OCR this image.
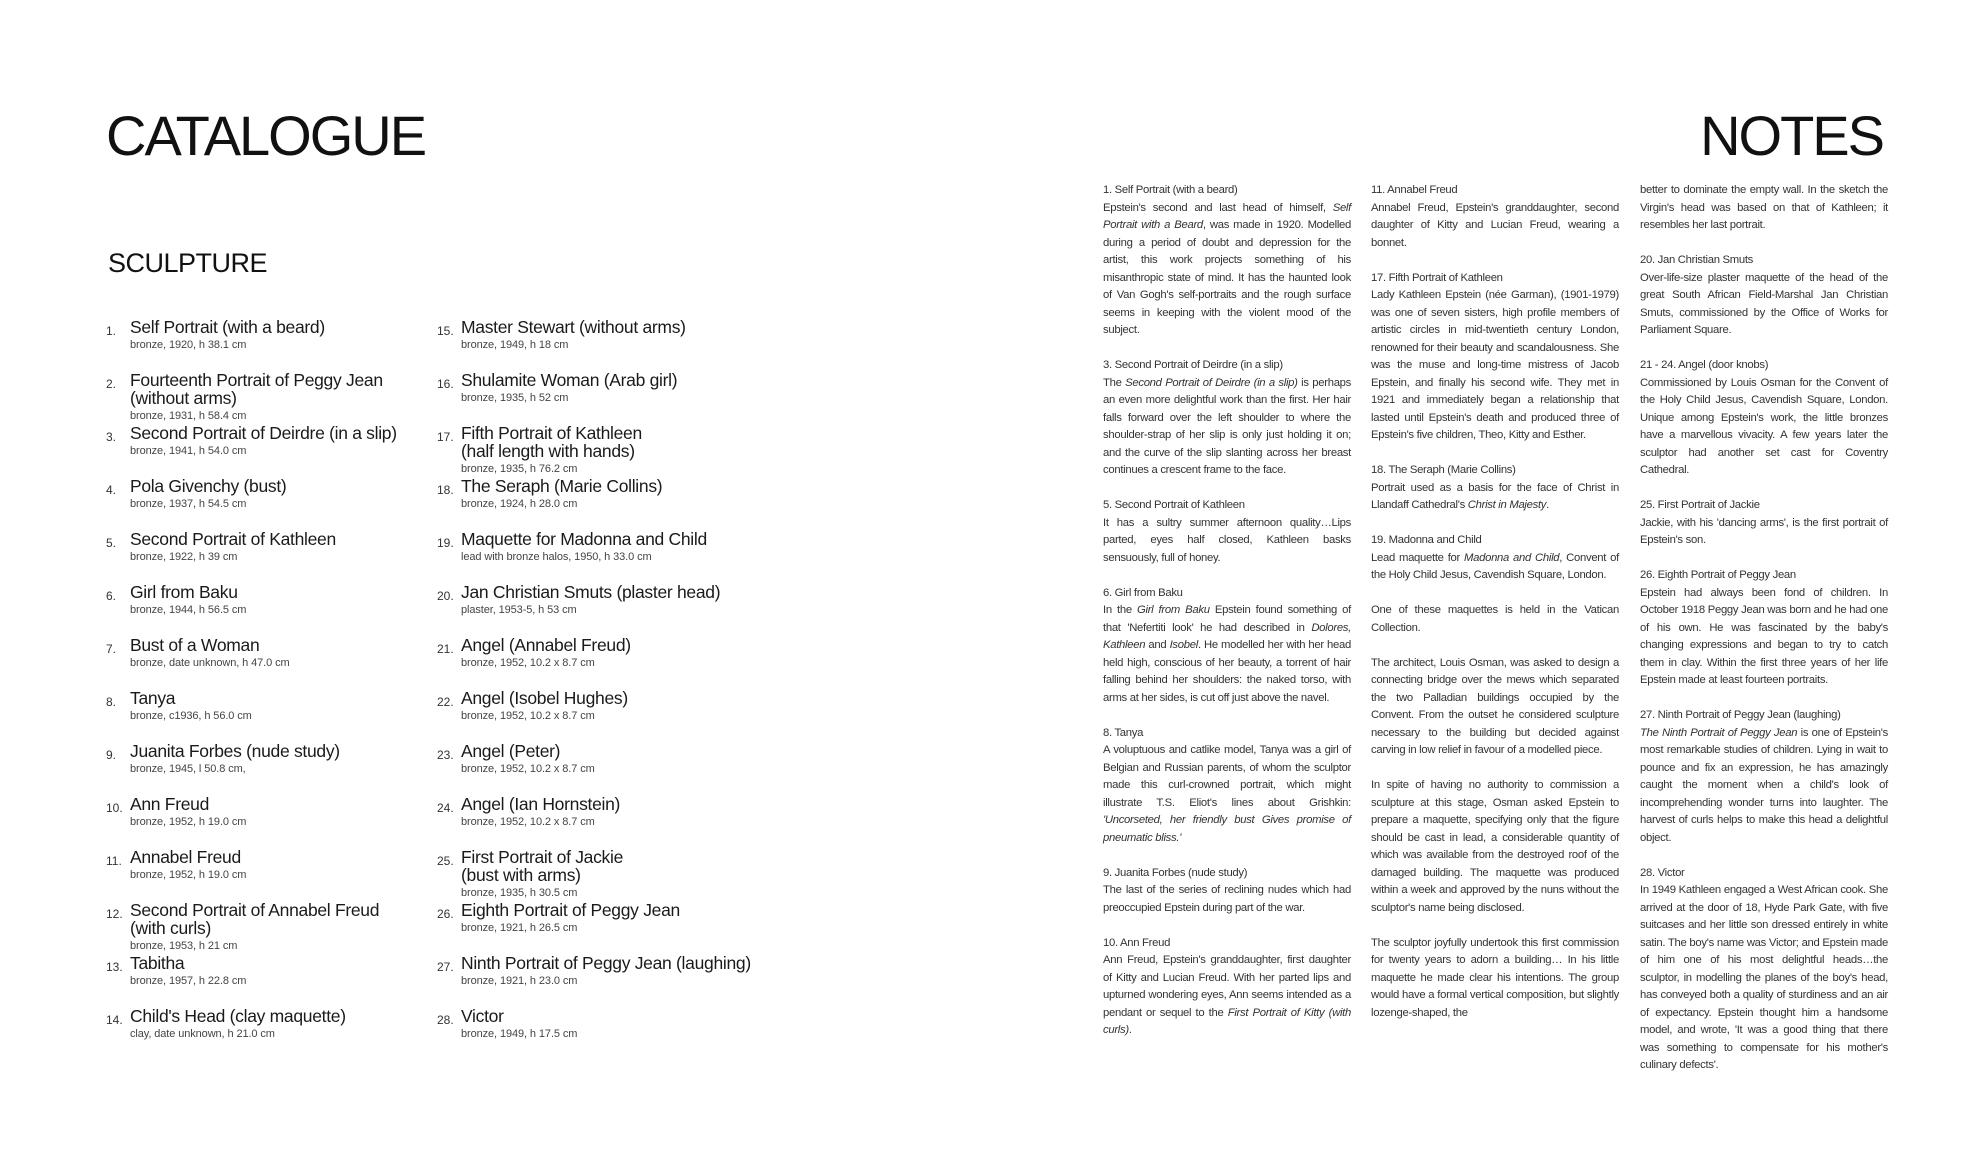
CATALOGUE	NOTES
SCULPTURE
1. Self Portrait (with a beard)
bronze, 1920, h 38.1 cm
2. Fourteenth Portrait of Peggy Jean
(without arms)
bronze, 1931, h 58.4 cm
3. Second Portrait of Deirdre (in a slip)
bronze, 1941, h 54.0 cm
4. Pola Givenchy (bust)
bronze, 1937, h 54.5 cm
5. Second Portrait of Kathleen
bronze, 1922, h 39 cm
6. Girl from Baku
bronze, 1944, h 56.5 cm
7. Bust of a Woman
bronze, date unknown, h 47.0 cm
8. Tanya
bronze, c1936, h 56.0 cm
9. Juanita Forbes (nude study)
bronze, 1945, l 50.8 cm,
10. Ann Freud
bronze, 1952, h 19.0 cm
11. Annabel Freud
bronze, 1952, h 19.0 cm
12. Second Portrait of Annabel Freud
(with curls)
bronze, 1953, h 21 cm
13. Tabitha
bronze, 1957, h 22.8 cm
14. Child's Head (clay maquette)
clay, date unknown, h 21.0 cm
15. Master Stewart (without arms)
bronze, 1949, h 18 cm
16. Shulamite Woman (Arab girl)
bronze, 1935, h 52 cm
17. Fifth Portrait of Kathleen
(half length with hands)
bronze, 1935, h 76.2 cm
18. The Seraph (Marie Collins)
bronze, 1924, h 28.0 cm
19. Maquette for Madonna and Child
lead with bronze halos, 1950, h 33.0 cm
20. Jan Christian Smuts (plaster head)
plaster, 1953-5, h 53 cm
21. Angel (Annabel Freud)
bronze, 1952, 10.2 x 8.7 cm
22. Angel (Isobel Hughes)
bronze, 1952, 10.2 x 8.7 cm
23. Angel (Peter)
bronze, 1952, 10.2 x 8.7 cm
24. Angel (Ian Hornstein)
bronze, 1952, 10.2 x 8.7 cm
25. First Portrait of Jackie
(bust with arms)
bronze, 1935, h 30.5 cm
26. Eighth Portrait of Peggy Jean
bronze, 1921, h 26.5 cm
27. Ninth Portrait of Peggy Jean (laughing)
bronze, 1921, h 23.0 cm
28. Victor
bronze, 1949, h 17.5 cm
1. Self Portrait (with a beard)
Epstein's second and last head of himself, Self Portrait with a Beard, was made in 1920. Modelled during a period of doubt and depression for the artist, this work projects something of his misanthropic state of mind. It has the haunted look of Van Gogh's self-portraits and the rough surface seems in keeping with the violent mood of the subject.
3. Second Portrait of Deirdre (in a slip)
The Second Portrait of Deirdre (in a slip) is perhaps an even more delightful work than the first. Her hair falls forward over the left shoulder to where the shoulder-strap of her slip is only just holding it on; and the curve of the slip slanting across her breast continues a crescent frame to the face.
5. Second Portrait of Kathleen
It has a sultry summer afternoon quality…Lips parted, eyes half closed, Kathleen basks sensuously, full of honey.
6. Girl from Baku
In the Girl from Baku Epstein found something of that 'Nefertiti look' he had described in Dolores, Kathleen and Isobel. He modelled her with her head held high, conscious of her beauty, a torrent of hair falling behind her shoulders: the naked torso, with arms at her sides, is cut off just above the navel.
8. Tanya
A voluptuous and catlike model, Tanya was a girl of Belgian and Russian parents, of whom the sculptor made this curl-crowned portrait, which might illustrate T.S. Eliot's lines about Grishkin: 'Uncorseted, her friendly bust Gives promise of pneumatic bliss.'
9. Juanita Forbes (nude study)
The last of the series of reclining nudes which had preoccupied Epstein during part of the war.
10. Ann Freud
Ann Freud, Epstein's granddaughter, first daughter of Kitty and Lucian Freud. With her parted lips and upturned wondering eyes, Ann seems intended as a pendant or sequel to the First Portrait of Kitty (with curls).
11. Annabel Freud
Annabel Freud, Epstein's granddaughter, second daughter of Kitty and Lucian Freud, wearing a bonnet.
17. Fifth Portrait of Kathleen
Lady Kathleen Epstein (née Garman), (1901-1979) was one of seven sisters, high profile members of artistic circles in mid-twentieth century London, renowned for their beauty and scandalousness. She was the muse and long-time mistress of Jacob Epstein, and finally his second wife. They met in 1921 and immediately began a relationship that lasted until Epstein's death and produced three of Epstein's five children, Theo, Kitty and Esther.
18. The Seraph (Marie Collins)
Portrait used as a basis for the face of Christ in Llandaff Cathedral's Christ in Majesty.
19. Madonna and Child
Lead maquette for Madonna and Child, Convent of the Holy Child Jesus, Cavendish Square, London.
One of these maquettes is held in the Vatican Collection.
The architect, Louis Osman, was asked to design a connecting bridge over the mews which separated the two Palladian buildings occupied by the Convent. From the outset he considered sculpture necessary to the building but decided against carving in low relief in favour of a modelled piece.
In spite of having no authority to commission a sculpture at this stage, Osman asked Epstein to prepare a maquette, specifying only that the figure should be cast in lead, a considerable quantity of which was available from the destroyed roof of the damaged building. The maquette was produced within a week and approved by the nuns without the sculptor's name being disclosed.
The sculptor joyfully undertook this first commission for twenty years to adorn a building… In his little maquette he made clear his intentions. The group would have a formal vertical composition, but slightly lozenge-shaped, the
better to dominate the empty wall. In the sketch the Virgin's head was based on that of Kathleen; it resembles her last portrait.
20. Jan Christian Smuts
Over-life-size plaster maquette of the head of the great South African Field-Marshal Jan Christian Smuts, commissioned by the Office of Works for Parliament Square.
21 - 24. Angel (door knobs)
Commissioned by Louis Osman for the Convent of the Holy Child Jesus, Cavendish Square, London. Unique among Epstein's work, the little bronzes have a marvellous vivacity. A few years later the sculptor had another set cast for Coventry Cathedral.
25. First Portrait of Jackie
Jackie, with his 'dancing arms', is the first portrait of Epstein's son.
26. Eighth Portrait of Peggy Jean
Epstein had always been fond of children. In October 1918 Peggy Jean was born and he had one of his own. He was fascinated by the baby's changing expressions and began to try to catch them in clay. Within the first three years of her life Epstein made at least fourteen portraits.
27. Ninth Portrait of Peggy Jean (laughing)
The Ninth Portrait of Peggy Jean is one of Epstein's most remarkable studies of children. Lying in wait to pounce and fix an expression, he has amazingly caught the moment when a child's look of incomprehending wonder turns into laughter. The harvest of curls helps to make this head a delightful object.
28. Victor
In 1949 Kathleen engaged a West African cook. She arrived at the door of 18, Hyde Park Gate, with five suitcases and her little son dressed entirely in white satin. The boy's name was Victor; and Epstein made of him one of his most delightful heads…the sculptor, in modelling the planes of the boy's head, has conveyed both a quality of sturdiness and an air of expectancy. Epstein thought him a handsome model, and wrote, 'It was a good thing that there was something to compensate for his mother's culinary defects'.
